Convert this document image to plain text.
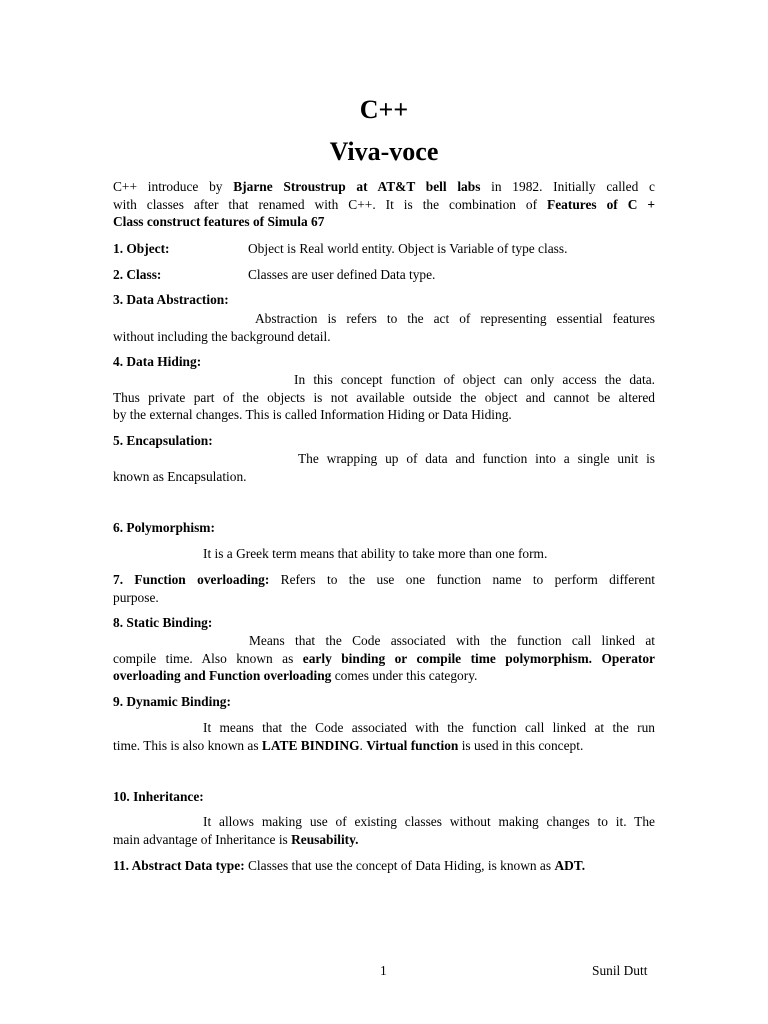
C++
Viva-voce
C++ introduce by Bjarne Stroustrup at AT&T bell labs in 1982. Initially called c
with classes after that renamed with C++. It is the combination of Features of C +
Class construct features of Simula 67
1. Object:	Object is Real world entity. Object is Variable of type class.
2. Class:	Classes are user defined Data type.
3. Data Abstraction:
Abstraction is refers to the act of representing essential features
without including the background detail.
4. Data Hiding:
In this concept function of object can only access the data.
Thus private part of the objects is not available outside the object and cannot be altered
by the external changes. This is called Information Hiding or Data Hiding.
5. Encapsulation:
The wrapping up of data and function into a single unit is
known as Encapsulation.
6. Polymorphism:
It is a Greek term means that ability to take more than one form.
7. Function overloading: Refers to the use one function name to perform different
purpose.
8. Static Binding:
Means that the Code associated with the function call linked at
compile time. Also known as early binding or compile time polymorphism. Operator
overloading and Function overloading comes under this category.
9. Dynamic Binding:
It means that the Code associated with the function call linked at the run
time. This is also known as LATE BINDING. Virtual function is used in this concept.
10. Inheritance:
It allows making use of existing classes without making changes to it. The
main advantage of Inheritance is Reusability.
11. Abstract Data type: Classes that use the concept of Data Hiding, is known as ADT.
1	Sunil Dutt
